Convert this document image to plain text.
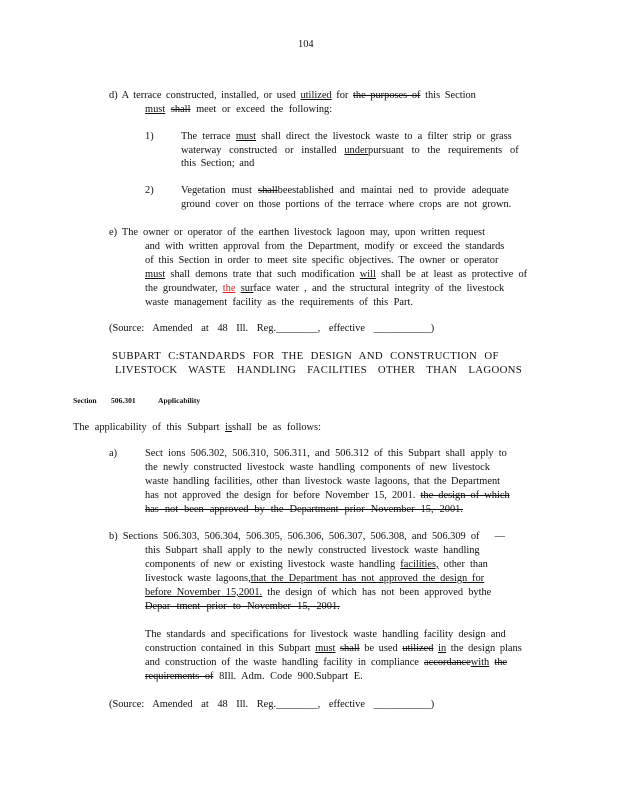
104
d) A terrace constructed, installed, or used utilized for the purposes of this Section
must shall meet or exceed the following:
1)	The terrace must shall direct the livestock waste to a filter strip or grass
waterway constructed or installed underpursuant to the requirements of
this Section; and
2)	Vegetation must shallbeestablished and maintai ned to provide adequate
ground cover on those portions of the terrace where crops are not grown.
e) The owner or operator of the earthen livestock lagoon may, upon written request
and with written approval from the Department, modify or exceed the standards
of this Section in order to meet site specific objectives. The owner or operator
must shall demons trate that such modification will shall be at least as protective of
the groundwater, the surface water , and the structural integrity of the livestock
waste management facility as the requirements of this Part.
(Source: Amended at 48 Ill. Reg.________, effective ___________)
SUBPART C:STANDARDS FOR THE DESIGN AND CONSTRUCTION OF
LIVESTOCK WASTE HANDLING FACILITIES OTHER THAN LAGOONS
Section 506.301	Applicability
The applicability of this Subpart isshall be as follows:
a)	Sect ions 506.302, 506.310, 506.311, and 506.312 of this Subpart shall apply to
the newly constructed livestock waste handling components of new livestock
waste handling facilities, other than livestock waste lagoons, that the Department
has not approved the design for before November 15, 2001. the design of which
has not been approved by the Department prior November 15, 2001.
b) Sections 506.303, 506.304, 506.305, 506.306, 506.307, 506.308, and 506.309 of —
this Subpart shall apply to the newly constructed livestock waste handling
components of new or existing livestock waste handling facilities, other than
livestock waste lagoons,that the Department has not approved the design for
before November 15,2001. the design of which has not been approved bythe
Depar tment prior to November 15, 2001.
The standards and specifications for livestock waste handling facility design and
construction contained in this Subpart must shall be used utilized in the design plans
and construction of the waste handling facility in compliance accordancewith the
requirements of 8Ill. Adm. Code 900.Subpart E.
(Source: Amended at 48 Ill. Reg.________, effective ___________)
